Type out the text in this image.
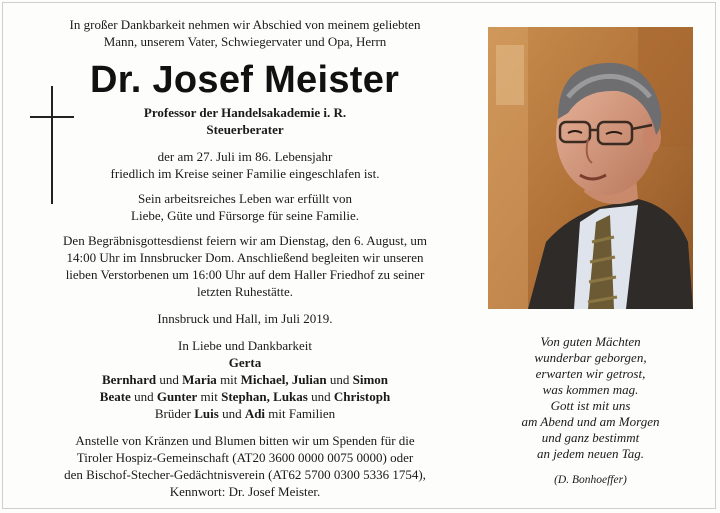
In großer Dankbarkeit nehmen wir Abschied von meinem geliebten

Mann, unserem Vater, Schwiegervater und Opa, Herrn

Dr. Josef Meister

Professor der Handelsakademie i. R.

Steuerberater

der am 27. Juli im 86. Lebensjahr

friedlich im Kreise seiner Familie eingeschlafen ist.

Sein arbeitsreiches Leben war erfüllt von

Liebe, Güte und Fürsorge für seine Familie.

Den Begräbnisgottesdienst feiern wir am Dienstag, den 6. August, um

14:00 Uhr im Innsbrucker Dom. Anschließend begleiten wir unseren

lieben Verstorbenen um 16:00 Uhr auf dem Haller Friedhof zu seiner

letzten Ruhestätte.

Innsbruck und Hall, im Juli 2019.

In Liebe und Dankbarkeit

Gerta

Bernhard und Maria mit Michael, Julian und Simon

Beate und Gunter mit Stephan, Lukas und Christoph

Brüder Luis und Adi mit Familien

Anstelle von Kränzen und Blumen bitten wir um Spenden für die

Tiroler Hospiz-Gemeinschaft (AT20 3600 0000 0075 0000) oder

den Bischof-Stecher-Gedächtnisverein (AT62 5700 0300 5336 1754),

Kennwort: Dr. Josef Meister.

Von guten Mächten
wunderbar geborgen,
erwarten wir getrost,
was kommen mag.
Gott ist mit uns
am Abend und am Morgen
und ganz bestimmt
an jedem neuen Tag.
(D. Bonhoeffer)
